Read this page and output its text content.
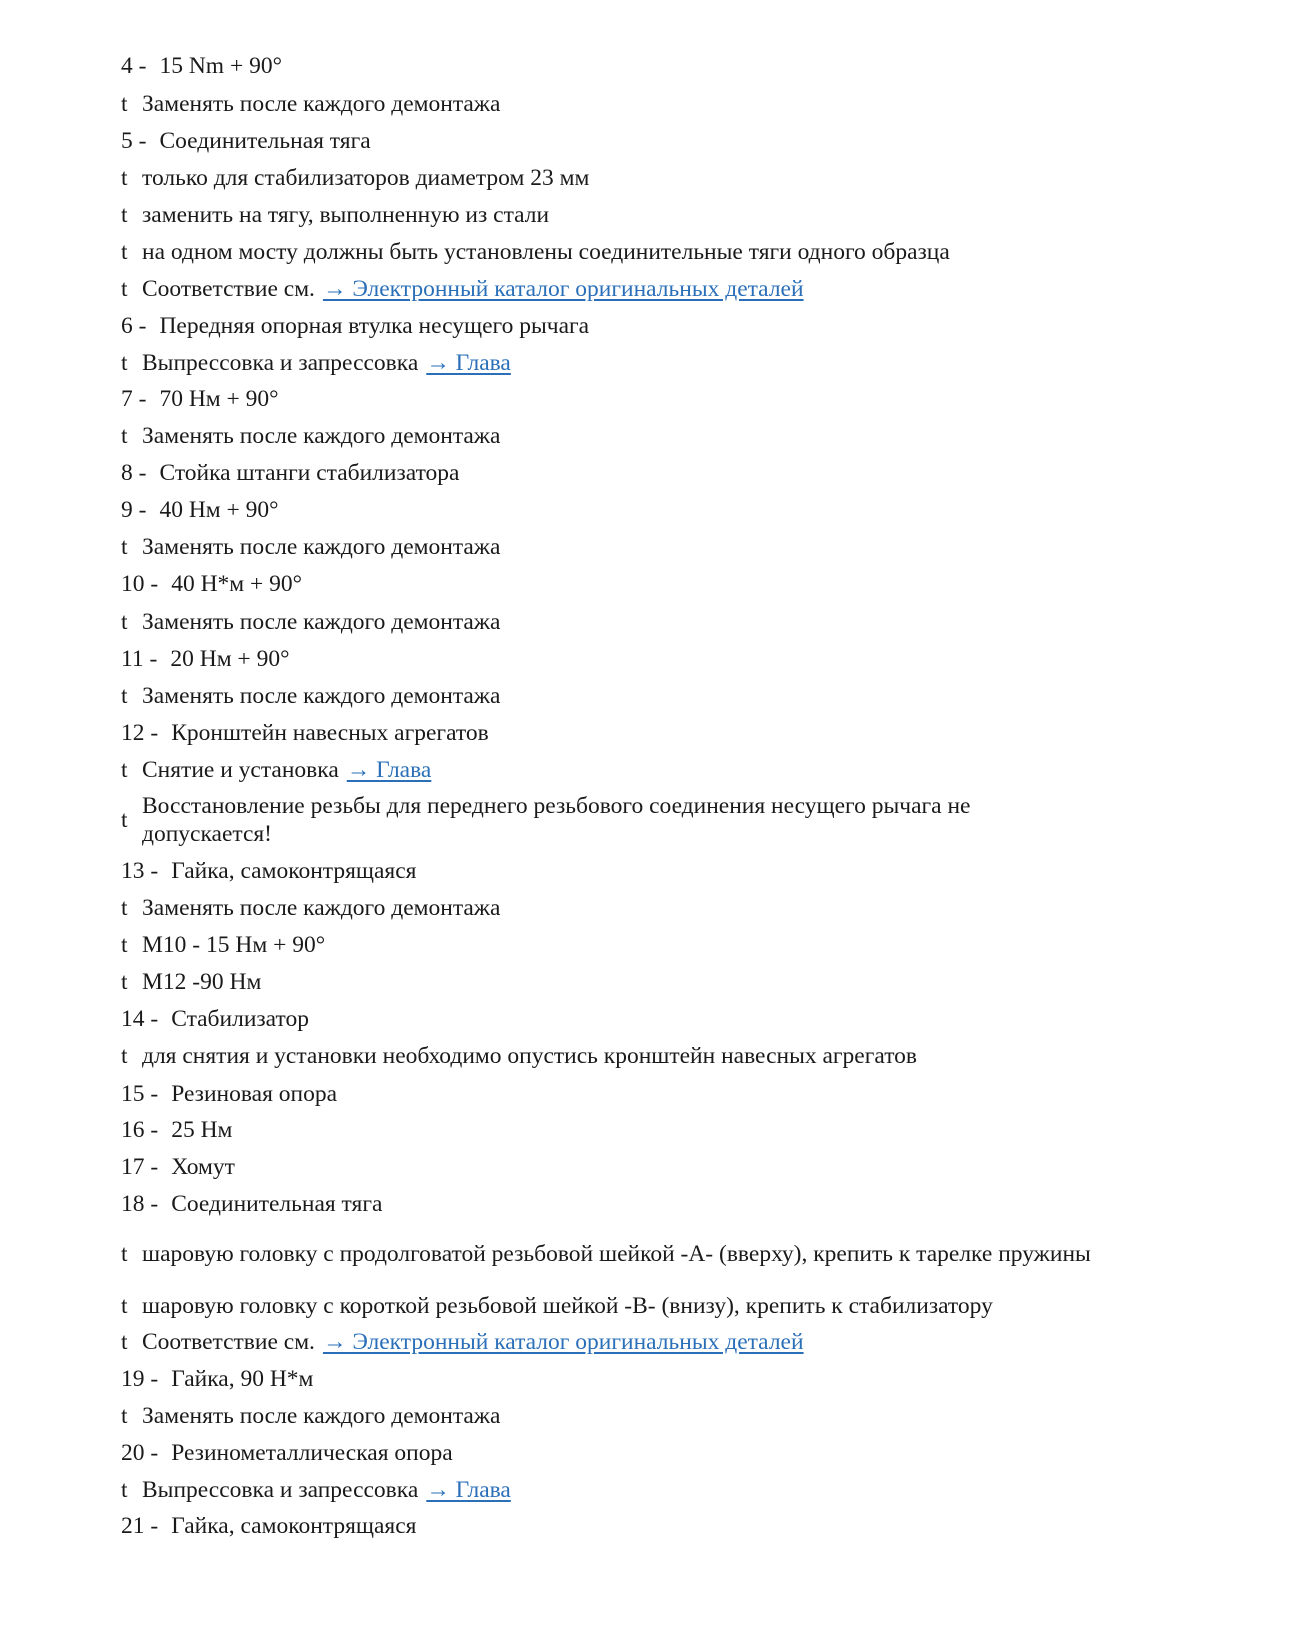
4 - 15 Nm + 90°
t Заменять после каждого демонтажа
5 - Соединительная тяга
t только для стабилизаторов диаметром 23 мм
t заменить на тягу, выполненную из стали
t на одном мосту должны быть установлены соединительные тяги одного образца
t Соответствие см. → Электронный каталог оригинальных деталей
6 - Передняя опорная втулка несущего рычага
t Выпрессовка и запрессовка → Глава
7 - 70 Нм + 90°
t Заменять после каждого демонтажа
8 - Стойка штанги стабилизатора
9 - 40 Нм + 90°
t Заменять после каждого демонтажа
10 - 40 Н*м + 90°
t Заменять после каждого демонтажа
11 - 20 Нм + 90°
t Заменять после каждого демонтажа
12 - Кронштейн навесных агрегатов
t Снятие и установка → Глава
t
Восстановление резьбы для переднего резьбового соединения несущего рычага не допускается!
13 - Гайка, самоконтрящаяся
t Заменять после каждого демонтажа
t M10 - 15 Нм + 90°
t M12 -90 Нм
14 - Стабилизатор
t для снятия и установки необходимо опустись кронштейн навесных агрегатов
15 - Резиновая опора
16 - 25 Нм
17 - Хомут
18 - Соединительная тяга
t шаровую головку с продолговатой резьбовой шейкой -A- (вверху), крепить к тарелке пружины
t шаровую головку с короткой резьбовой шейкой -B- (внизу), крепить к стабилизатору
t Соответствие см. → Электронный каталог оригинальных деталей
19 - Гайка, 90 Н*м
t Заменять после каждого демонтажа
20 - Резинометаллическая опора
t Выпрессовка и запрессовка → Глава
21 - Гайка, самоконтрящаяся
